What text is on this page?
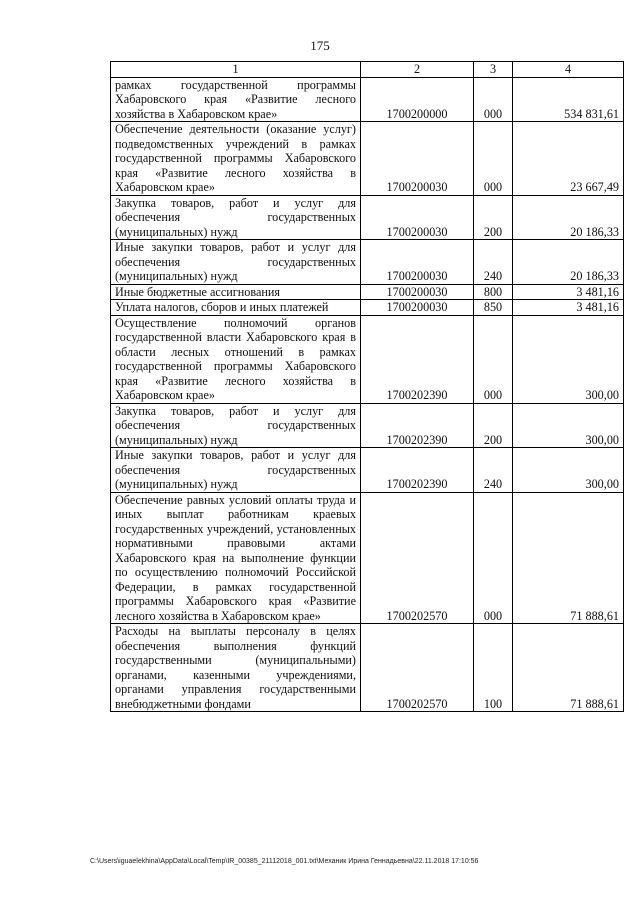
175
1	2	3	4
рамках государственной программы Хабаровского края «Развитие лесного хозяйства в Хабаровском крае»	1700200000	000	534 831,61
Обеспечение деятельности (оказание услуг) подведомственных учреждений в рамках государственной программы Хабаровского края «Развитие лесного хозяйства в Хабаровском крае»	1700200030	000	23 667,49
Закупка товаров, работ и услуг для обеспечения государственных (муниципальных) нужд	1700200030	200	20 186,33
Иные закупки товаров, работ и услуг для обеспечения государственных (муниципальных) нужд	1700200030	240	20 186,33
Иные бюджетные ассигнования	1700200030	800	3 481,16
Уплата налогов, сборов и иных платежей	1700200030	850	3 481,16
Осуществление полномочий органов государственной власти Хабаровского края в области лесных отношений в рамках государственной программы Хабаровского края «Развитие лесного хозяйства в Хабаровском крае»	1700202390	000	300,00
Закупка товаров, работ и услуг для обеспечения государственных (муниципальных) нужд	1700202390	200	300,00
Иные закупки товаров, работ и услуг для обеспечения государственных (муниципальных) нужд	1700202390	240	300,00
Обеспечение равных условий оплаты труда и иных выплат работникам краевых государственных учреждений, установленных нормативными правовыми актами Хабаровского края на выполнение функции по осуществлению полномочий Российской Федерации, в рамках государственной программы Хабаровского края «Развитие лесного хозяйства в Хабаровском крае»	1700202570	000	71 888,61
Расходы на выплаты персоналу в целях обеспечения выполнения функций государственными (муниципальными) органами, казенными учреждениями, органами управления государственными внебюджетными фондами	1700202570	100	71 888,61
C:\Users\iguaelekhina\AppData\Local\Temp\IR_00385_21112018_001.txt\Механик Ирина Геннадьевна\22.11.2018 17:10:56
